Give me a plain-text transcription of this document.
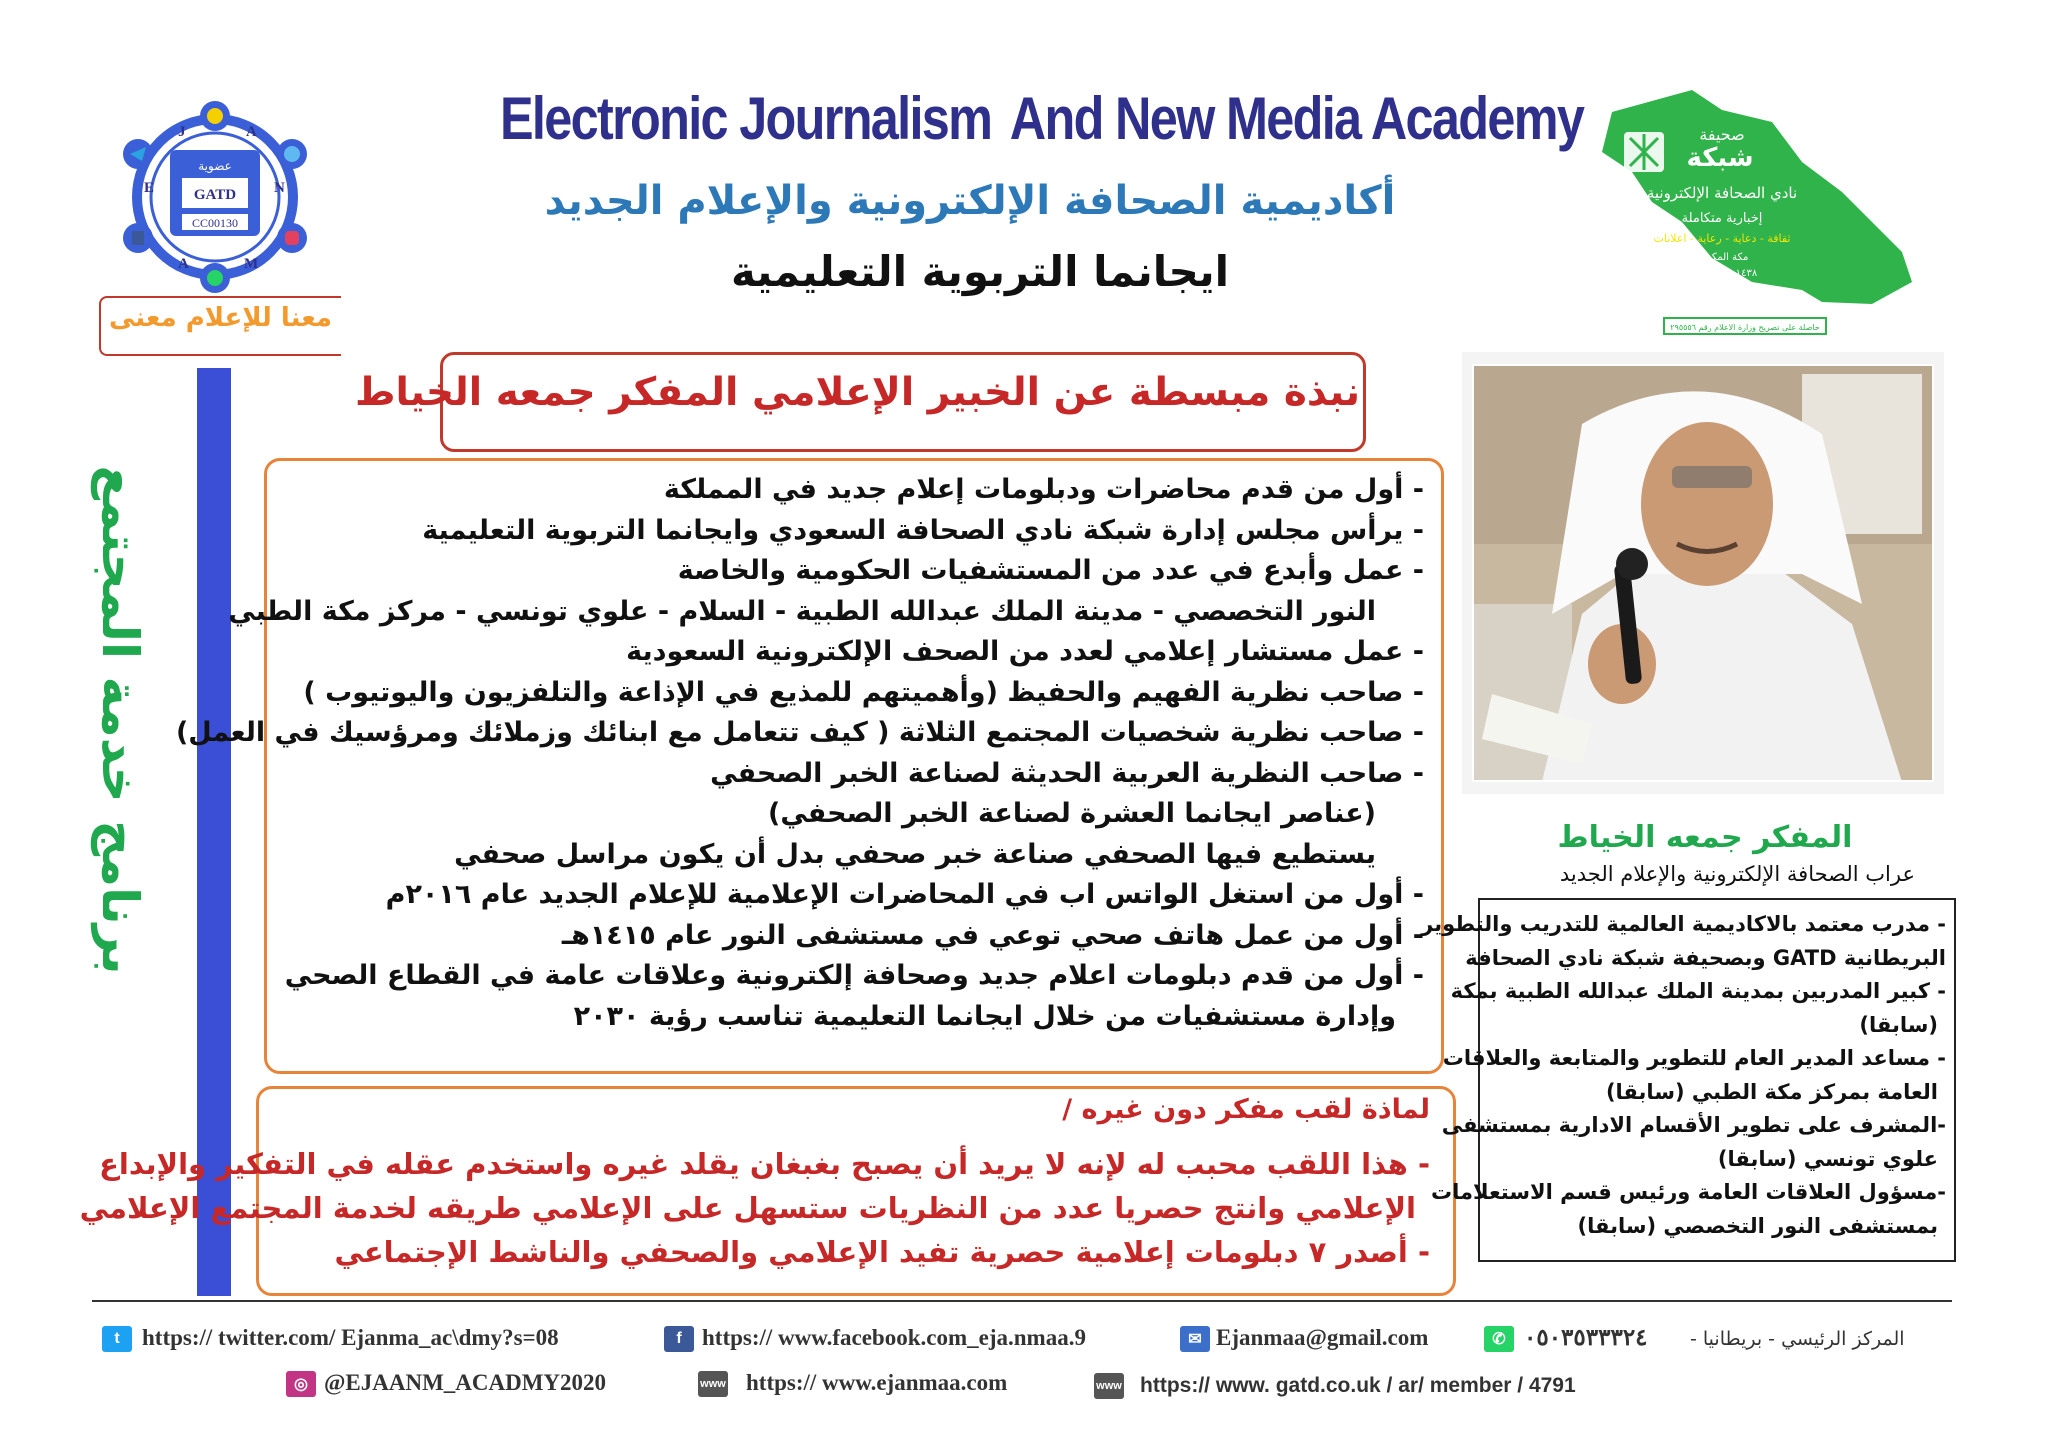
Electronic Journalism And New Media Academy
أكاديمية الصحافة الإلكترونية والإعلام الجديد
ايجانما التربوية التعليمية
عضوية
GATD
CC00130
J	A
N
M
A
E
معنا للإعلام معنى
برنامج خدمة المجتمع
صحيفة
شبكة
نادي الصحافة الإلكترونية
إخبارية متكاملة
ثقافة - دعاية - رعاية - اعلانات
مكة المكرمة
١٤٣٨ هـ - ٢٠١٧م
حاصلة على تصريح وزارة الاعلام رقم ٢٩٥٥٥٦
نبذة مبسطة عن الخبير الإعلامي المفكر جمعه الخياط
- أول من قدم محاضرات ودبلومات إعلام جديد في المملكة
- يرأس مجلس إدارة شبكة نادي الصحافة السعودي وايجانما التربوية التعليمية
- عمل وأبدع في عدد من المستشفيات الحكومية والخاصة
النور التخصصي - مدينة الملك عبدالله الطبية - السلام - علوي تونسي - مركز مكة الطبي
- عمل مستشار إعلامي لعدد من الصحف الإلكترونية السعودية
- صاحب نظرية الفهيم والحفيظ (وأهميتهم للمذيع في الإذاعة والتلفزيون واليوتيوب )
- صاحب نظرية شخصيات المجتمع الثلاثة ( كيف تتعامل مع ابنائك وزملائك ومرؤسيك في العمل)
- صاحب النظرية العربية الحديثة لصناعة الخبر الصحفي
(عناصر ايجانما العشرة لصناعة الخبر الصحفي)
يستطيع فيها الصحفي صناعة خبر صحفي بدل أن يكون مراسل صحفي
- أول من استغل الواتس اب في المحاضرات الإعلامية للإعلام الجديد عام ٢٠١٦م
- أول من عمل هاتف صحي توعي في مستشفى النور عام ١٤١٥هـ
- أول من قدم دبلومات اعلام جديد وصحافة إلكترونية وعلاقات عامة في القطاع الصحي
وإدارة مستشفيات من خلال ايجانما التعليمية تناسب رؤية ٢٠٣٠
لماذة لقب مفكر دون غيره /
- هذا اللقب محبب له لإنه لا يريد أن يصبح بغبغان يقلد غيره واستخدم عقله في التفكير والإبداع
الإعلامي وانتج حصريا عدد من النظريات ستسهل على الإعلامي طريقه لخدمة المجتمع الإعلامي
- أصدر ٧ دبلومات إعلامية حصرية تفيد الإعلامي والصحفي والناشط الإجتماعي
المفكر جمعه الخياط
عراب الصحافة الإلكترونية والإعلام الجديد
- مدرب معتمد بالاكاديمية العالمية للتدريب والتطوير
البريطانية GATD وبصحيفة شبكة نادي الصحافة
- كبير المدربين بمدينة الملك عبدالله الطبية بمكة
(سابقا)
- مساعد المدير العام للتطوير والمتابعة والعلاقات
العامة بمركز مكة الطبي (سابقا)
-المشرف على تطوير الأقسام الادارية بمستشفى
علوي تونسي (سابقا)
-مسؤول العلاقات العامة ورئيس قسم الاستعلامات
بمستشفى النور التخصصي (سابقا)
t https:// twitter.com/ Ejanma_ac\dmy?s=08	f https:// www.facebook.com_eja.nmaa.9	✉ Ejanmaa@gmail.com	✆ ٠٥٠٣٥٣٣٣٢٤ المركز الرئيسي - بريطانيا -
◎ @EJAANM_ACADMY2020	www https:// www.ejanmaa.com	www https:// www. gatd.co.uk / ar/ member / 4791
